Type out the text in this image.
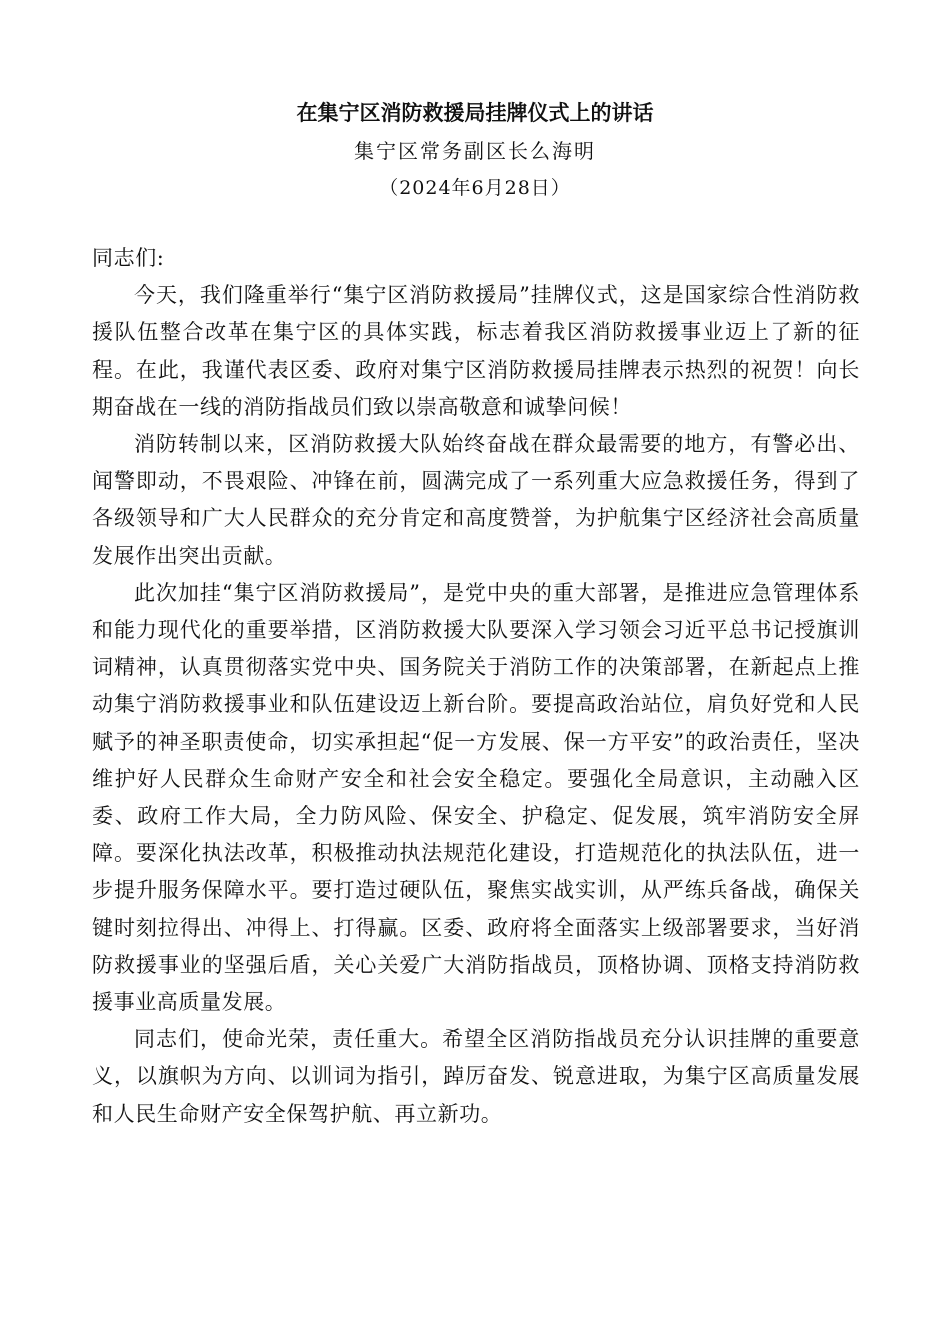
在集宁区消防救援局挂牌仪式上的讲话
集宁区常务副区长么海明
（2024年6月28日）

同志们:

今天，我们隆重举行“集宁区消防救援局”挂牌仪式，这是国家综合性消防救援队伍整合改革在集宁区的具体实践，标志着我区消防救援事业迈上了新的征程。在此，我谨代表区委、政府对集宁区消防救援局挂牌表示热烈的祝贺！向长期奋战在一线的消防指战员们致以崇高敬意和诚挚问候！

消防转制以来，区消防救援大队始终奋战在群众最需要的地方，有警必出、闻警即动，不畏艰险、冲锋在前，圆满完成了一系列重大应急救援任务，得到了各级领导和广大人民群众的充分肯定和高度赞誉，为护航集宁区经济社会高质量发展作出突出贡献。

此次加挂“集宁区消防救援局”，是党中央的重大部署，是推进应急管理体系和能力现代化的重要举措，区消防救援大队要深入学习领会习近平总书记授旗训词精神，认真贯彻落实党中央、国务院关于消防工作的决策部署，在新起点上推动集宁消防救援事业和队伍建设迈上新台阶。要提高政治站位，肩负好党和人民赋予的神圣职责使命，切实承担起“促一方发展、保一方平安”的政治责任，坚决维护好人民群众生命财产安全和社会安全稳定。要强化全局意识，主动融入区委、政府工作大局，全力防风险、保安全、护稳定、促发展，筑牢消防安全屏障。要深化执法改革，积极推动执法规范化建设，打造规范化的执法队伍，进一步提升服务保障水平。要打造过硬队伍，聚焦实战实训，从严练兵备战，确保关键时刻拉得出、冲得上、打得赢。区委、政府将全面落实上级部署要求，当好消防救援事业的坚强后盾，关心关爱广大消防指战员，顶格协调、顶格支持消防救援事业高质量发展。

同志们，使命光荣，责任重大。希望全区消防指战员充分认识挂牌的重要意义，以旗帜为方向、以训词为指引，踔厉奋发、锐意进取，为集宁区高质量发展和人民生命财产安全保驾护航、再立新功。
